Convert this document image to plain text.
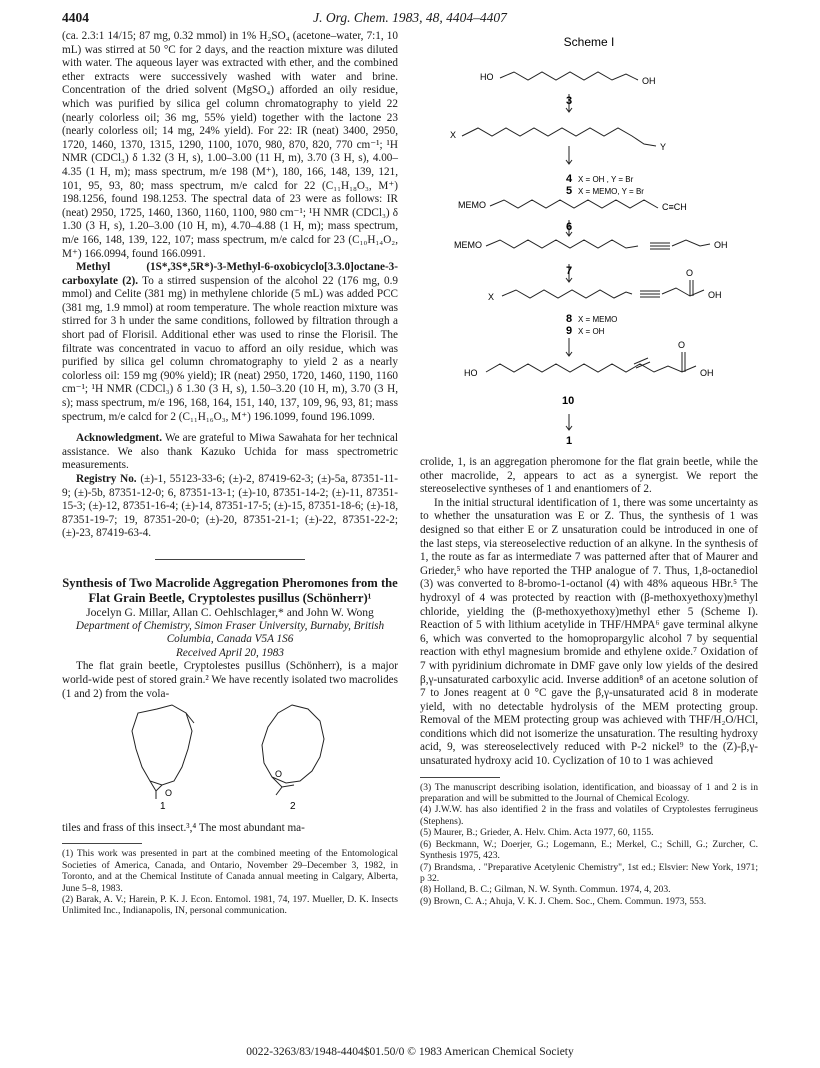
4404	J. Org. Chem. 1983, 48, 4404–4407

(ca. 2.3:1 14/15; 87 mg, 0.32 mmol) in 1% H₂SO₄ (acetone–water, 7:1, 10 mL) was stirred at 50 °C for 2 days, and the reaction mixture was diluted with water. The aqueous layer was extracted with ether, and the combined ether extracts were successively washed with water and brine. Concentration of the dried solvent (MgSO₄) afforded an oily residue, which was purified by silica gel column chromatography to yield 22 (nearly colorless oil; 36 mg, 55% yield) together with the lactone 23 (nearly colorless oil; 14 mg, 24% yield). For 22: IR (neat) 3400, 2950, 1720, 1460, 1370, 1315, 1290, 1100, 1070, 980, 870, 820, 770 cm⁻¹; ¹H NMR (CDCl₃) δ 1.32 (3 H, s), 1.00–3.00 (11 H, m), 3.70 (3 H, s), 4.00–4.35 (1 H, m); mass spectrum, m/e 198 (M⁺), 180, 166, 148, 139, 121, 101, 95, 93, 80; mass spectrum, m/e calcd for 22 (C₁₁H₁₈O₃, M⁺) 198.1256, found 198.1253. The spectral data of 23 were as follows: IR (neat) 2950, 1725, 1460, 1360, 1160, 1100, 980 cm⁻¹; ¹H NMR (CDCl₃) δ 1.30 (3 H, s), 1.20–3.00 (10 H, m), 4.70–4.88 (1 H, m); mass spectrum, m/e 166, 148, 139, 122, 107; mass spectrum, m/e calcd for 23 (C₁₀H₁₄O₂, M⁺) 166.0994, found 166.0991.

Methyl (1S*,3S*,5R*)-3-Methyl-6-oxobicyclo[3.3.0]octane-3-carboxylate (2). To a stirred suspension of the alcohol 22 (176 mg, 0.9 mmol) and Celite (381 mg) in methylene chloride (5 mL) was added PCC (381 mg, 1.9 mmol) at room temperature. The whole reaction mixture was stirred for 3 h under the same conditions, followed by filtration through a short pad of Florisil. Additional ether was used to rinse the Florisil. The filtrate was concentrated in vacuo to afford an oily residue, which was purified by silica gel column chromatography to yield 2 as a nearly colorless oil: 159 mg (90% yield); IR (neat) 2950, 1720, 1460, 1190, 1160 cm⁻¹; ¹H NMR (CDCl₃) δ 1.30 (3 H, s), 1.50–3.20 (10 H, m), 3.70 (3 H, s); mass spectrum, m/e 196, 168, 164, 151, 140, 137, 109, 96, 93, 81; mass spectrum, m/e calcd for 2 (C₁₁H₁₆O₃, M⁺) 196.1099, found 196.1099.

Acknowledgment. We are grateful to Miwa Sawahata for her technical assistance. We also thank Kazuko Uchida for mass spectrometric measurements.

Registry No. (±)-1, 55123-33-6; (±)-2, 87419-62-3; (±)-5a, 87351-11-9; (±)-5b, 87351-12-0; 6, 87351-13-1; (±)-10, 87351-14-2; (±)-11, 87351-15-3; (±)-12, 87351-16-4; (±)-14, 87351-17-5; (±)-15, 87351-18-6; (±)-18, 87351-19-7; 19, 87351-20-0; (±)-20, 87351-21-1; (±)-22, 87351-22-2; (±)-23, 87419-63-4.

Synthesis of Two Macrolide Aggregation Pheromones from the Flat Grain Beetle, Cryptolestes pusillus (Schönherr)¹

Jocelyn G. Millar, Allan C. Oehlschlager,* and John W. Wong

Department of Chemistry, Simon Fraser University, Burnaby, British Columbia, Canada V5A 1S6

Received April 20, 1983

The flat grain beetle, Cryptolestes pusillus (Schönherr), is a major world-wide pest of stored grain.² We have recently isolated two macrolides (1 and 2) from the vola-

O
O
1	2

tiles and frass of this insect.³,⁴ The most abundant ma-

(1) This work was presented in part at the combined meeting of the Entomological Societies of America, Canada, and Ontario, November 29–December 3, 1982, in Toronto, and at the Chemical Institute of Canada annual meeting in Calgary, Alberta, June 5–8, 1983.

(2) Barak, A. V.; Harein, P. K. J. Econ. Entomol. 1981, 74, 197. Mueller, D. K. Insects Unlimited Inc., Indianapolis, IN, personal communication.

Scheme I
HO	OH
3
X
Y
4 X = OH , Y = Br
5 X = MEMO, Y = Br
MEMO	C≡CH
6
MEMO	OH
7
X
O
OH
8 X = MEMO
9 X = OH
HO
O
OH
10
1

crolide, 1, is an aggregation pheromone for the flat grain beetle, while the other macrolide, 2, appears to act as a synergist. We report the stereoselective syntheses of 1 and enantiomers of 2.

In the initial structural identification of 1, there was some uncertainty as to whether the unsaturation was E or Z. Thus, the synthesis of 1 was designed so that either E or Z unsaturation could be introduced in one of the last steps, via stereoselective reduction of an alkyne. In the synthesis of 1, the route as far as intermediate 7 was patterned after that of Maurer and Grieder,⁵ who have reported the THP analogue of 7. Thus, 1,8-octanediol (3) was converted to 8-bromo-1-octanol (4) with 48% aqueous HBr.⁵ The hydroxyl of 4 was protected by reaction with (β-methoxyethoxy)methyl chloride, yielding the (β-methoxyethoxy)methyl ether 5 (Scheme I). Reaction of 5 with lithium acetylide in THF/HMPA⁶ gave terminal alkyne 6, which was converted to the homopropargylic alcohol 7 by sequential reaction with ethyl magnesium bromide and ethylene oxide.⁷ Oxidation of 7 with pyridinium dichromate in DMF gave only low yields of the desired β,γ-unsaturated carboxylic acid. Inverse addition⁸ of an acetone solution of 7 to Jones reagent at 0 °C gave the β,γ-unsaturated acid 8 in moderate yield, with no detectable hydrolysis of the MEM protecting group. Removal of the MEM protecting group was achieved with THF/H₂O/HCl, conditions which did not isomerize the unsaturation. The resulting hydroxy acid, 9, was stereoselectively reduced with P-2 nickel⁹ to the (Z)-β,γ-unsaturated hydroxy acid 10. Cyclization of 10 to 1 was achieved

(3) The manuscript describing isolation, identification, and bioassay of 1 and 2 is in preparation and will be submitted to the Journal of Chemical Ecology.

(4) J.W.W. has also identified 2 in the frass and volatiles of Cryptolestes ferrugineus (Stephens).

(5) Maurer, B.; Grieder, A. Helv. Chim. Acta 1977, 60, 1155.

(6) Beckmann, W.; Doerjer, G.; Logemann, E.; Merkel, C.; Schill, G.; Zurcher, C. Synthesis 1975, 423.

(7) Brandsma, . "Preparative Acetylenic Chemistry", 1st ed.; Elsvier: New York, 1971; p 32.

(8) Holland, B. C.; Gilman, N. W. Synth. Commun. 1974, 4, 203.

(9) Brown, C. A.; Ahuja, V. K. J. Chem. Soc., Chem. Commun. 1973, 553.

0022-3263/83/1948-4404$01.50/0 © 1983 American Chemical Society
